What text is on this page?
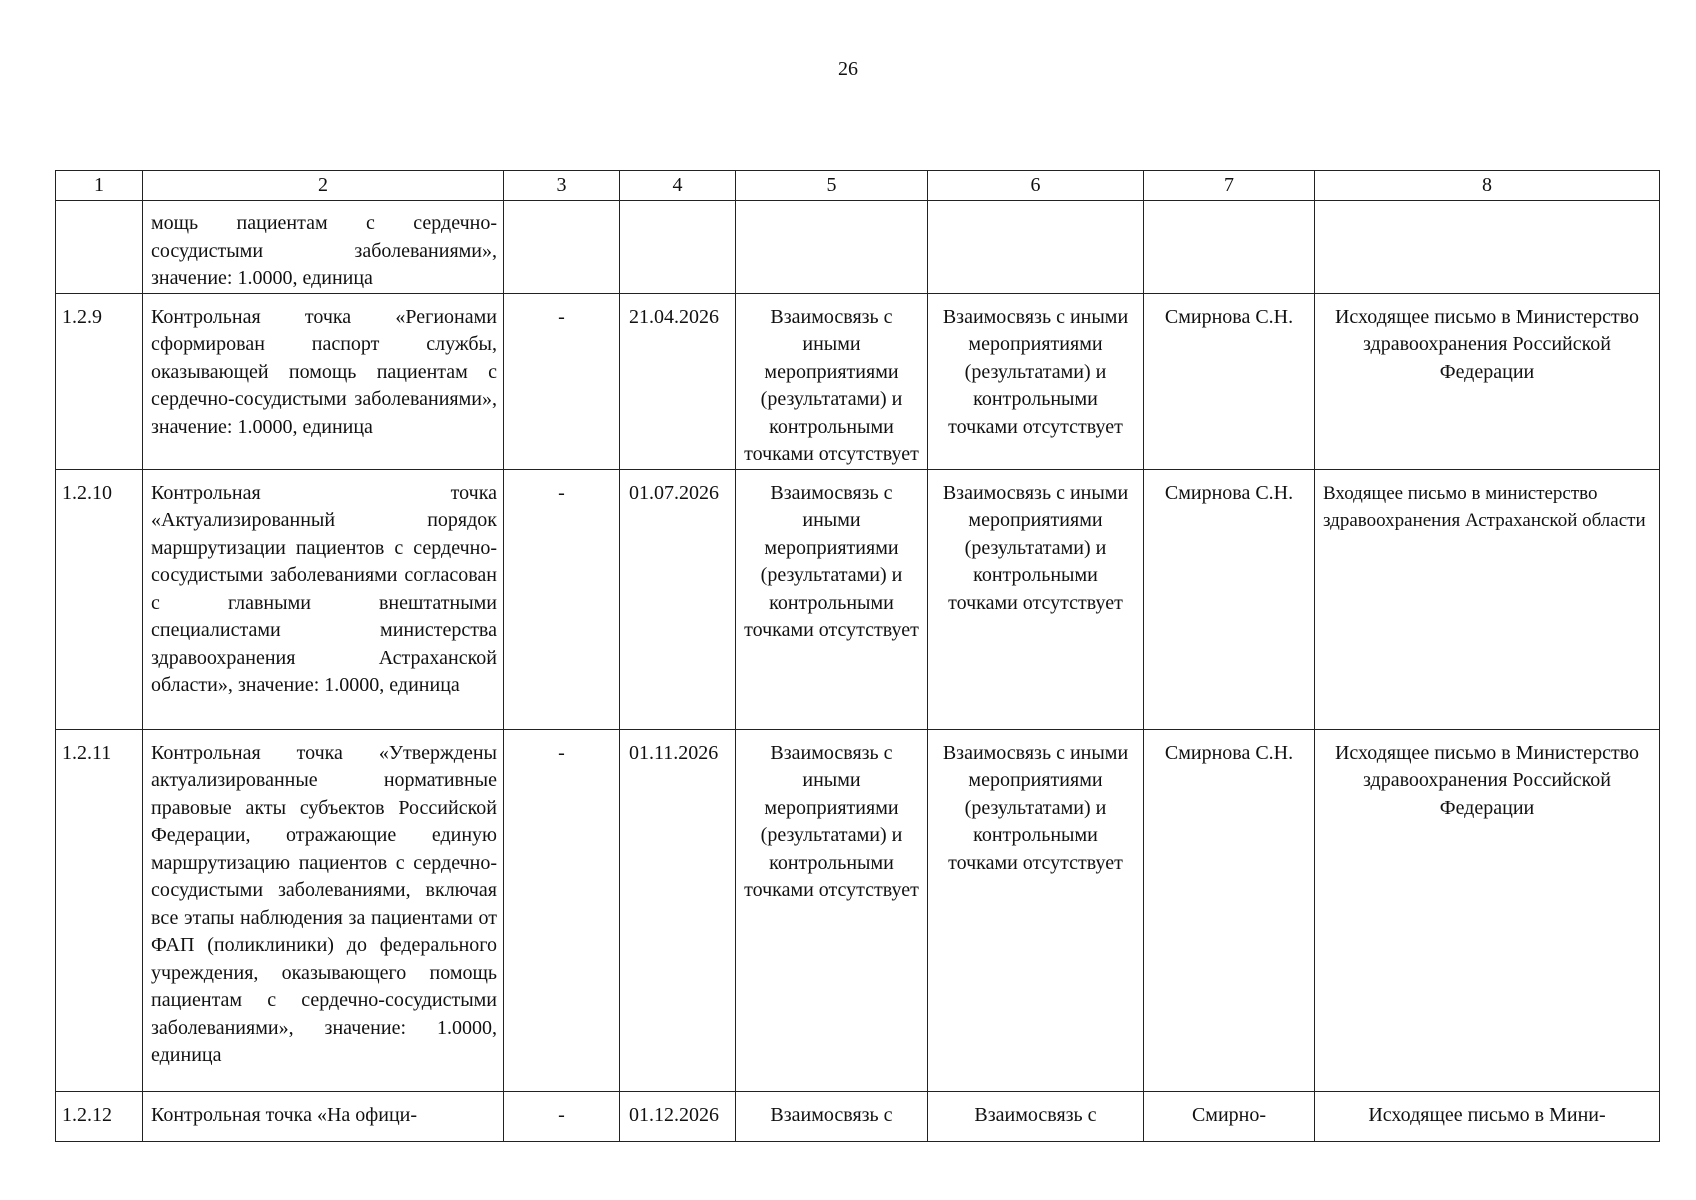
26
1	2	3	4	5	6	7	8
	мощь пациентам с сердечно-сосудистыми заболеваниями», значение: 1.0000, единица						
1.2.9	Контрольная точка «Регионами сформирован паспорт службы, оказывающей помощь пациентам с сердечно-сосудистыми заболеваниями», значение: 1.0000, единица	-	21.04.2026	Взаимосвязь с иными мероприятиями (результатами) и контрольными точками отсутствует	Взаимосвязь с иными мероприятиями (результатами) и контрольными точками отсутствует	Смирнова С.Н.	Исходящее письмо в Министерство здравоохранения Российской Федерации
1.2.10	Контрольная точка «Актуализированный порядок маршрутизации пациентов с сердечно-сосудистыми заболеваниями согласован с главными внештатными специалистами министерства здравоохранения Астраханской области», значение: 1.0000, единица	-	01.07.2026	Взаимосвязь с иными мероприятиями (результатами) и контрольными точками отсутствует	Взаимосвязь с иными мероприятиями (результатами) и контрольными точками отсутствует	Смирнова С.Н.	Входящее письмо в министерство здравоохранения Астраханской области
1.2.11	Контрольная точка «Утверждены актуализированные нормативные правовые акты субъектов Российской Федерации, отражающие единую маршрутизацию пациентов с сердечно-сосудистыми заболеваниями, включая все этапы наблюдения за пациентами от ФАП (поликлиники) до федерального учреждения, оказывающего помощь пациентам с сердечно-сосудистыми заболеваниями», значение: 1.0000, единица	-	01.11.2026	Взаимосвязь с иными мероприятиями (результатами) и контрольными точками отсутствует	Взаимосвязь с иными мероприятиями (результатами) и контрольными точками отсутствует	Смирнова С.Н.	Исходящее письмо в Министерство здравоохранения Российской Федерации
1.2.12	Контрольная точка «На офици-	-	01.12.2026	Взаимосвязь с	Взаимосвязь с	Смирно-	Исходящее письмо в Мини-
